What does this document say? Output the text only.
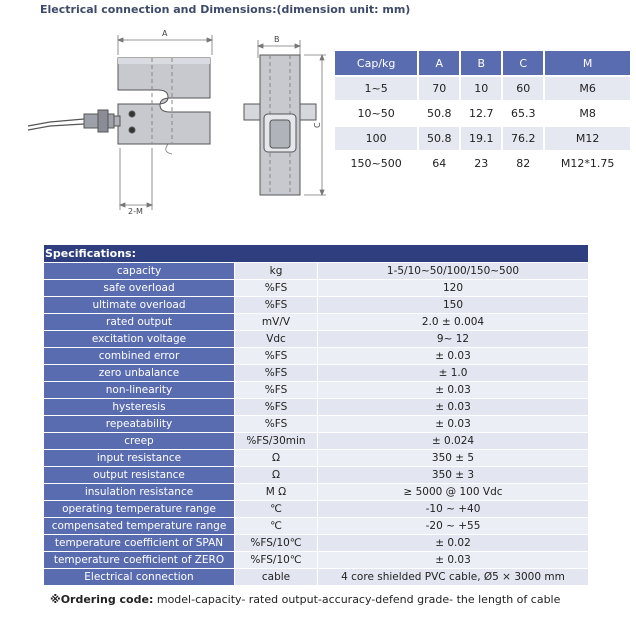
Electrical connection and Dimensions:(dimension unit: mm)
A
2-M
B
C
Cap/kg	A	B	C	M
1~5	70	10	60	M6
10~50	50.8	12.7	65.3	M8
100	50.8	19.1	76.2	M12
150~500	64	23	82	M12*1.75
Specifications:		
capacity	kg	1-5/10~50/100/150~500
safe overload	%FS	120
ultimate overload	%FS	150
rated output	mV/V	2.0 ± 0.004
excitation voltage	Vdc	9~ 12
combined error	%FS	± 0.03
zero unbalance	%FS	± 1.0
non-linearity	%FS	± 0.03
hysteresis	%FS	± 0.03
repeatability	%FS	± 0.03
creep	%FS/30min	± 0.024
input resistance	Ω	350 ± 5
output resistance	Ω	350 ± 3
insulation resistance	M Ω	≥ 5000 @ 100 Vdc
operating temperature range	℃	-10 ~ +40
compensated temperature range	℃	-20 ~ +55
temperature coefficient of SPAN	%FS/10℃	± 0.02
temperature coefficient of ZERO	%FS/10℃	± 0.03
Electrical connection	cable	4 core shielded PVC cable, Ø5 × 3000 mm
※Ordering code: model-capacity- rated output-accuracy-defend grade- the length of cable
